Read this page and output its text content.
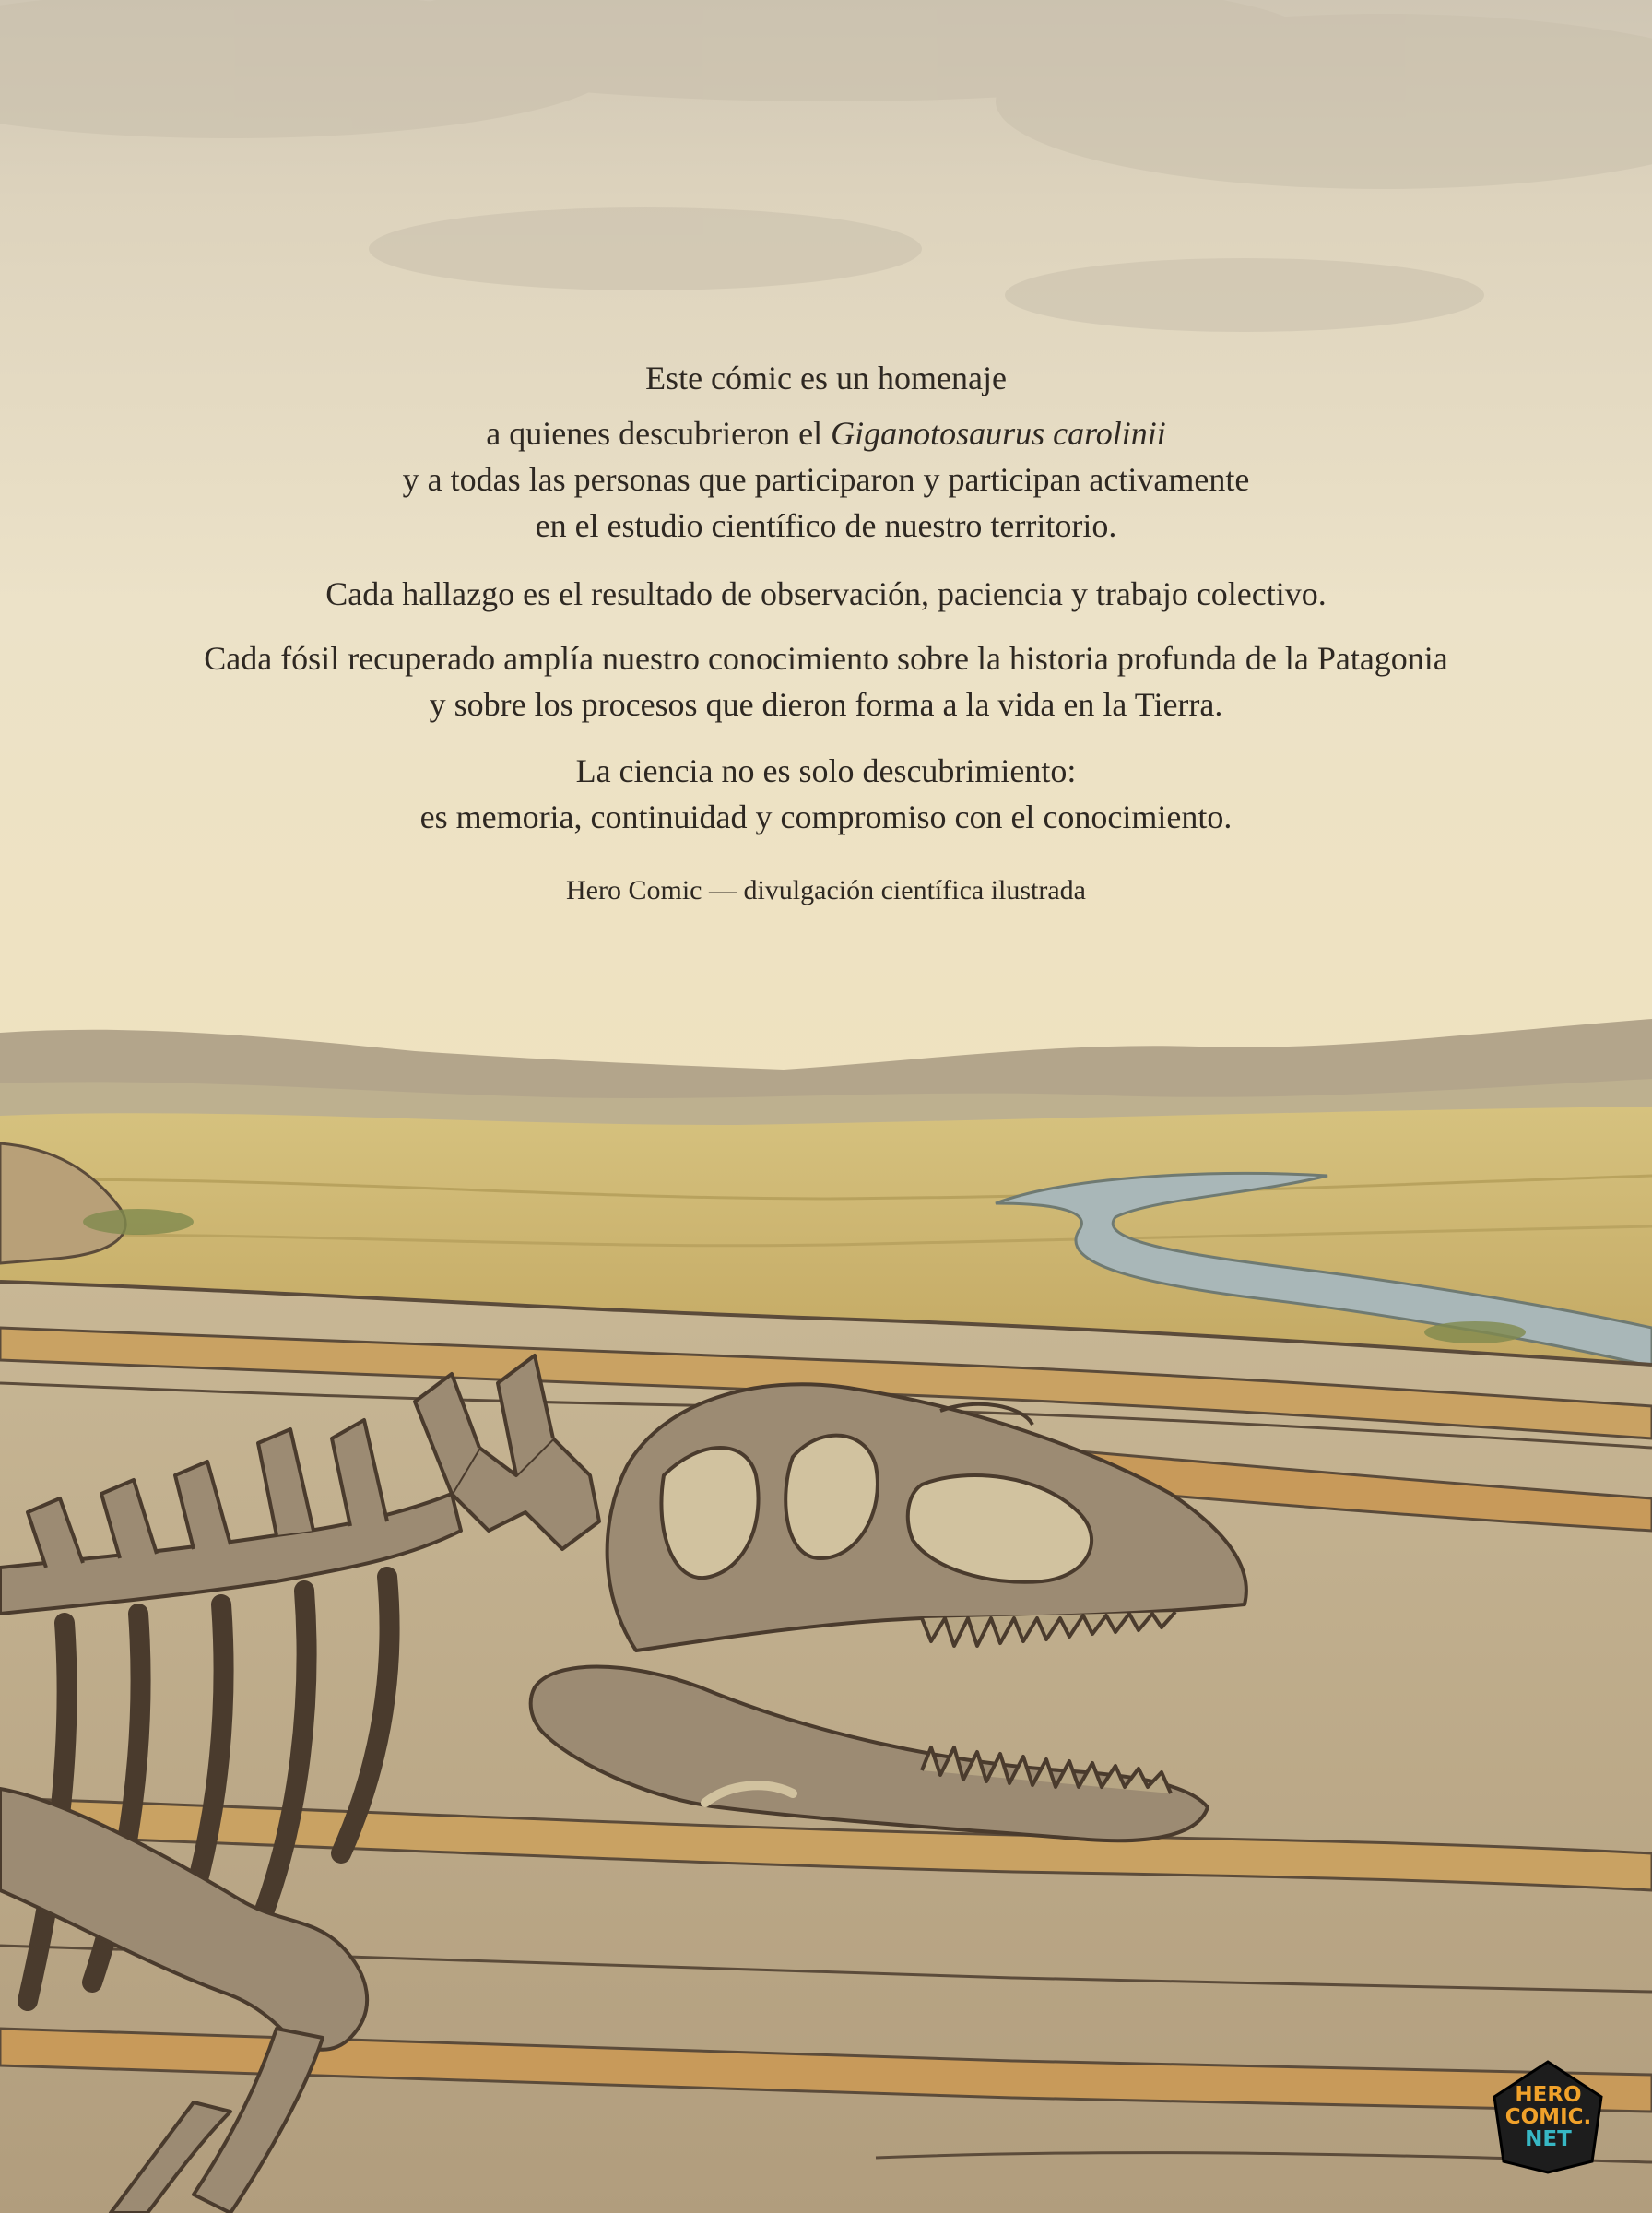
Este cómic es un homenaje
a quienes descubrieron el Giganotosaurus carolinii
y a todas las personas que participaron y participan activamente
en el estudio científico de nuestro territorio.
Cada hallazgo es el resultado de observación, paciencia y trabajo colectivo.
Cada fósil recuperado amplía nuestro conocimiento sobre la historia profunda de la Patagonia
y sobre los procesos que dieron forma a la vida en la Tierra.
La ciencia no es solo descubrimiento:
es memoria, continuidad y compromiso con el conocimiento.
Hero Comic — divulgación científica ilustrada
HERO
COMIC.
NET
